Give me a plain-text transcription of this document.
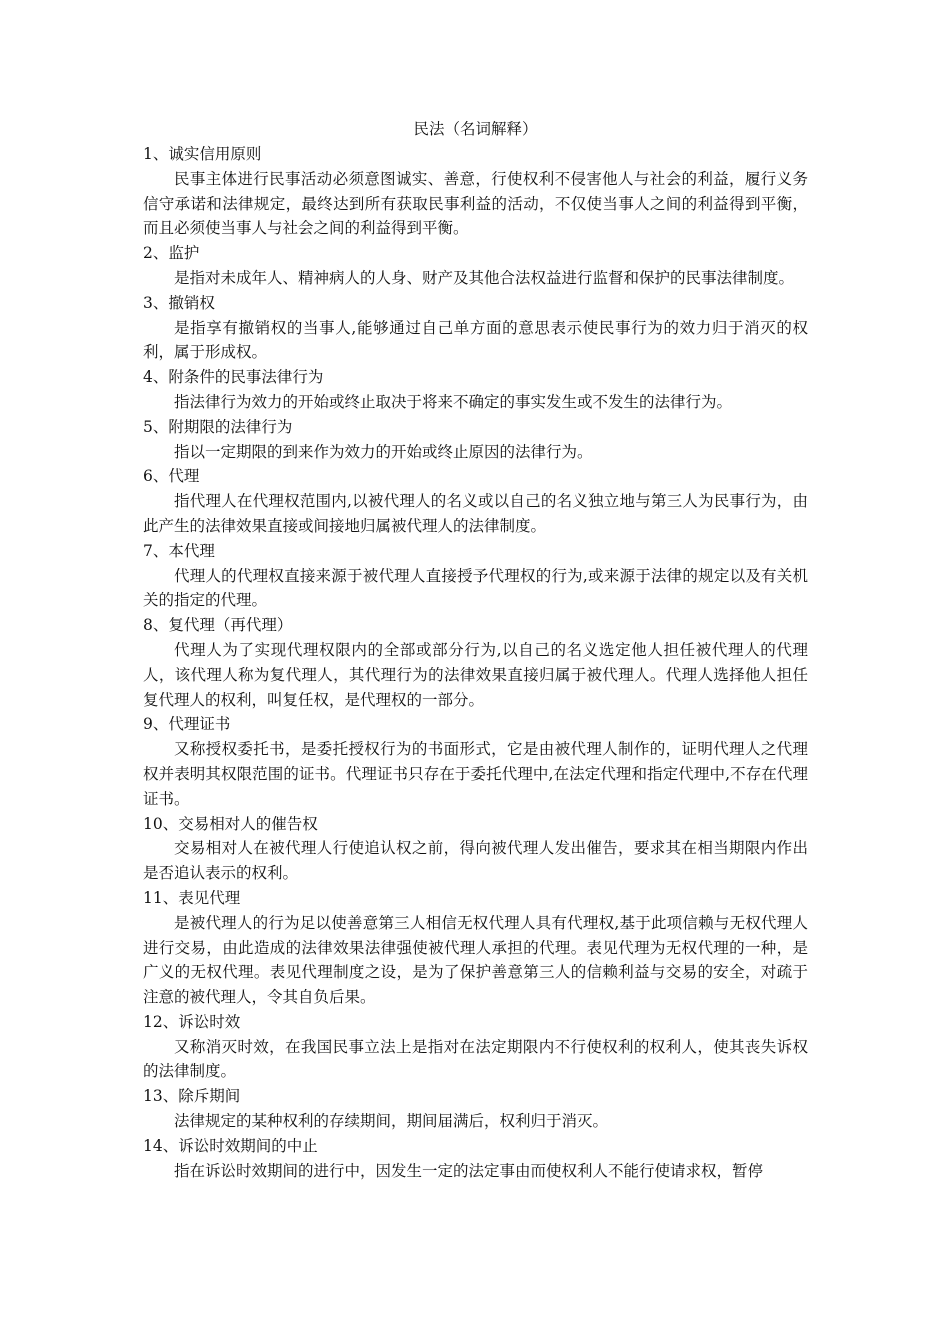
民法（名词解释）

1、诚实信用原则

民事主体进行民事活动必须意图诚实、善意，行使权利不侵害他人与社会的利益，履行义务信守承诺和法律规定，最终达到所有获取民事利益的活动，不仅使当事人之间的利益得到平衡，而且必须使当事人与社会之间的利益得到平衡。

2、监护

是指对未成年人、精神病人的人身、财产及其他合法权益进行监督和保护的民事法律制度。

3、撤销权

是指享有撤销权的当事人,能够通过自己单方面的意思表示使民事行为的效力归于消灭的权利，属于形成权。

4、附条件的民事法律行为

指法律行为效力的开始或终止取决于将来不确定的事实发生或不发生的法律行为。

5、附期限的法律行为

指以一定期限的到来作为效力的开始或终止原因的法律行为。

6、代理

指代理人在代理权范围内,以被代理人的名义或以自己的名义独立地与第三人为民事行为，由此产生的法律效果直接或间接地归属被代理人的法律制度。

7、本代理

代理人的代理权直接来源于被代理人直接授予代理权的行为,或来源于法律的规定以及有关机关的指定的代理。

8、复代理（再代理）

代理人为了实现代理权限内的全部或部分行为,以自己的名义选定他人担任被代理人的代理人，该代理人称为复代理人，其代理行为的法律效果直接归属于被代理人。代理人选择他人担任复代理人的权利，叫复任权，是代理权的一部分。

9、代理证书

又称授权委托书，是委托授权行为的书面形式，它是由被代理人制作的，证明代理人之代理权并表明其权限范围的证书。代理证书只存在于委托代理中,在法定代理和指定代理中,不存在代理证书。

10、交易相对人的催告权

交易相对人在被代理人行使追认权之前，得向被代理人发出催告，要求其在相当期限内作出是否追认表示的权利。

11、表见代理

是被代理人的行为足以使善意第三人相信无权代理人具有代理权,基于此项信赖与无权代理人进行交易，由此造成的法律效果法律强使被代理人承担的代理。表见代理为无权代理的一种，是广义的无权代理。表见代理制度之设，是为了保护善意第三人的信赖利益与交易的安全，对疏于注意的被代理人，令其自负后果。

12、诉讼时效

又称消灭时效，在我国民事立法上是指对在法定期限内不行使权利的权利人，使其丧失诉权的法律制度。

13、除斥期间

法律规定的某种权利的存续期间，期间届满后，权利归于消灭。

14、诉讼时效期间的中止

指在诉讼时效期间的进行中，因发生一定的法定事由而使权利人不能行使请求权，暂停
